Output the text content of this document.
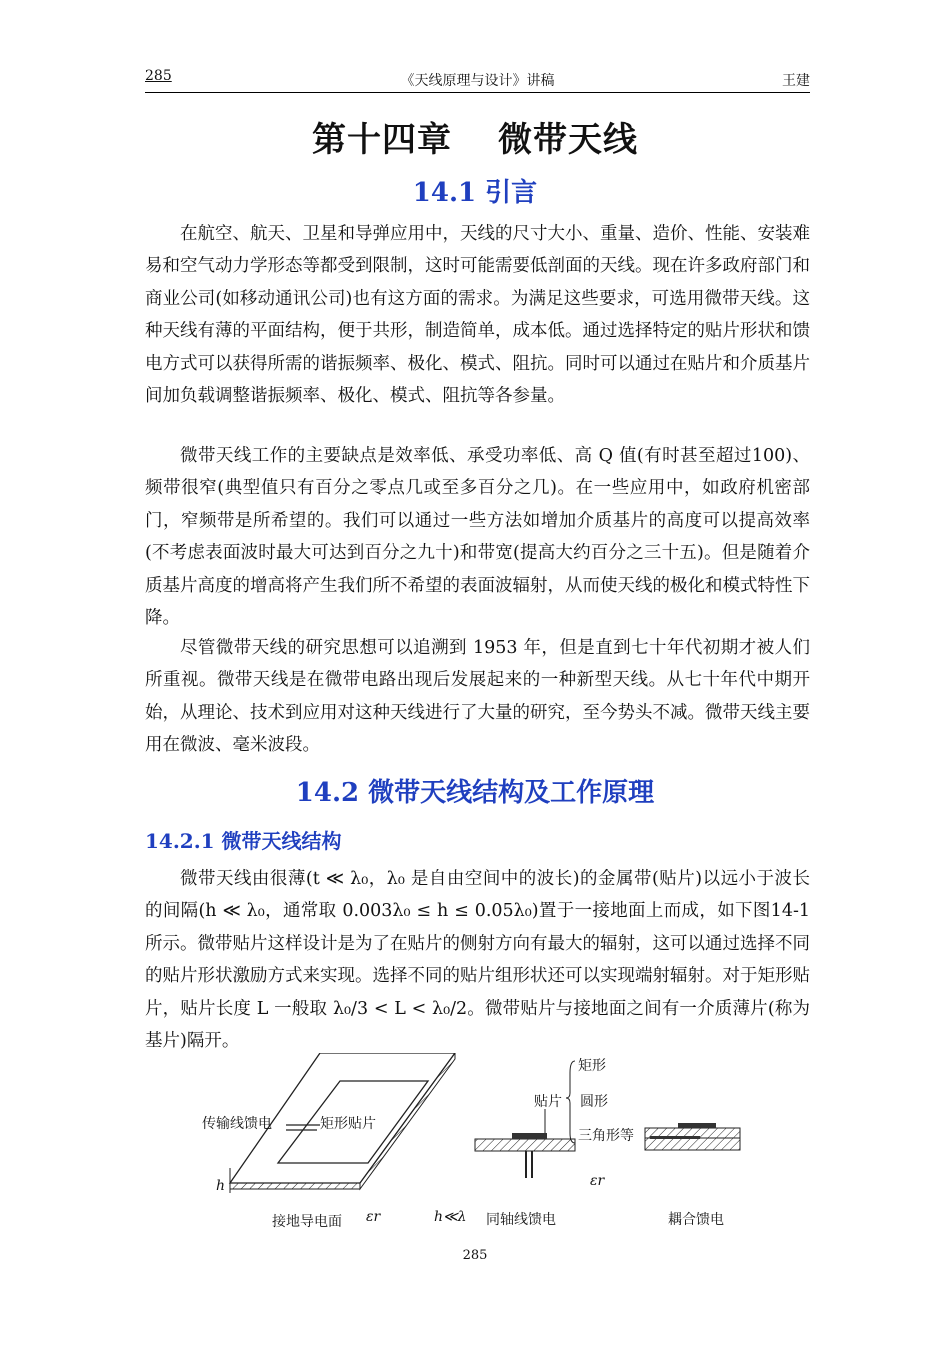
285	《天线原理与设计》讲稿	王建
第十四章 微带天线
14.1 引言

在航空、航天、卫星和导弹应用中，天线的尺寸大小、重量、造价、性能、安装难易和空气动力学形态等都受到限制，这时可能需要低剖面的天线。现在许多政府部门和商业公司(如移动通讯公司)也有这方面的需求。为满足这些要求，可选用微带天线。这种天线有薄的平面结构，便于共形，制造简单，成本低。通过选择特定的贴片形状和馈电方式可以获得所需的谐振频率、极化、模式、阻抗。同时可以通过在贴片和介质基片间加负载调整谐振频率、极化、模式、阻抗等各参量。

微带天线工作的主要缺点是效率低、承受功率低、高 Q 值(有时甚至超过100)、频带很窄(典型值只有百分之零点几或至多百分之几)。在一些应用中，如政府机密部门，窄频带是所希望的。我们可以通过一些方法如增加介质基片的高度可以提高效率(不考虑表面波时最大可达到百分之九十)和带宽(提高大约百分之三十五)。但是随着介质基片高度的增高将产生我们所不希望的表面波辐射，从而使天线的极化和模式特性下降。

尽管微带天线的研究思想可以追溯到 1953 年，但是直到七十年代初期才被人们所重视。微带天线是在微带电路出现后发展起来的一种新型天线。从七十年代中期开始，从理论、技术到应用对这种天线进行了大量的研究，至今势头不减。微带天线主要用在微波、毫米波段。

14.2 微带天线结构及工作原理
14.2.1 微带天线结构

微带天线由很薄(t ≪ λ₀，λ₀ 是自由空间中的波长)的金属带(贴片)以远小于波长的间隔(h ≪ λ₀，通常取 0.003λ₀ ≤ h ≤ 0.05λ₀)置于一接地面上而成，如下图14-1 所示。微带贴片这样设计是为了在贴片的侧射方向有最大的辐射，这可以通过选择不同的贴片形状激励方式来实现。选择不同的贴片组形状还可以实现端射辐射。对于矩形贴片，贴片长度 L 一般取 λ₀/3 < L < λ₀/2。微带贴片与接地面之间有一介质薄片(称为基片)隔开。

传输线馈电	矩形贴片
h
接地导电面 εr
贴片
矩形
圆形
三角形等
εr
h≪λ 同轴线馈电	耦合馈电
285
